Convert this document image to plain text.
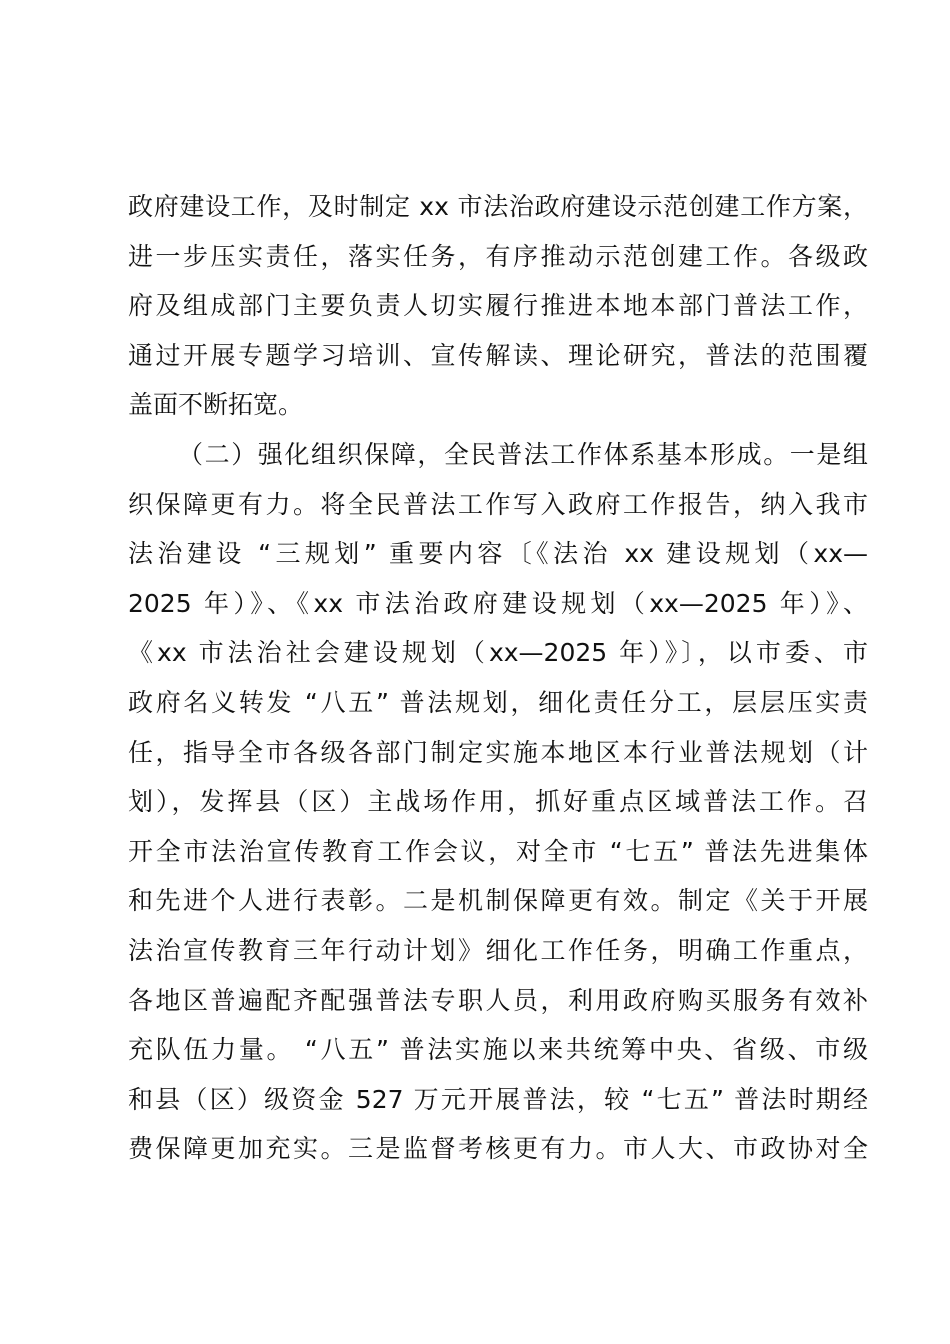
政府建设工作，及时制定 xx 市法治政府建设示范创建工作方案，

进一步压实责任，落实任务，有序推动示范创建工作。各级政

府及组成部门主要负责人切实履行推进本地本部门普法工作，

通过开展专题学习培训、宣传解读、理论研究，普法的范围覆

盖面不断拓宽。

（二）强化组织保障，全民普法工作体系基本形成。一是组

织保障更有力。将全民普法工作写入政府工作报告，纳入我市

法治建设 “三规划” 重要内容〔《法治 xx 建设规划（xx—

2025 年）》、《xx 市法治政府建设规划（xx—2025 年）》、

《xx 市法治社会建设规划（xx—2025 年）》〕，以市委、市

政府名义转发 “八五” 普法规划，细化责任分工，层层压实责

任，指导全市各级各部门制定实施本地区本行业普法规划（计

划），发挥县（区）主战场作用，抓好重点区域普法工作。召

开全市法治宣传教育工作会议，对全市 “七五” 普法先进集体

和先进个人进行表彰。二是机制保障更有效。制定《关于开展

法治宣传教育三年行动计划》细化工作任务，明确工作重点，

各地区普遍配齐配强普法专职人员，利用政府购买服务有效补

充队伍力量。 “八五” 普法实施以来共统筹中央、省级、市级

和县（区）级资金 527 万元开展普法，较 “七五” 普法时期经

费保障更加充实。三是监督考核更有力。市人大、市政协对全
